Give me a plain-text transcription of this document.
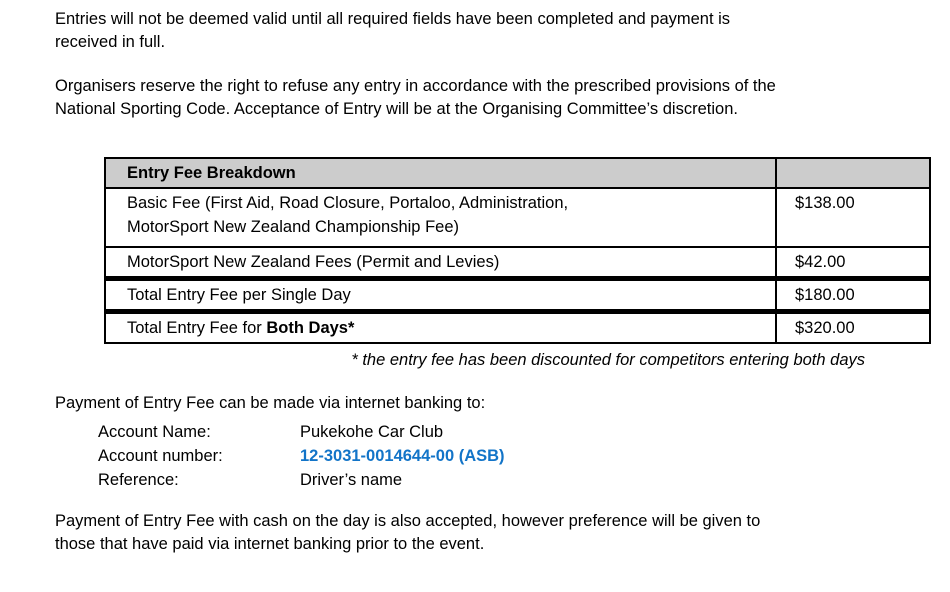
Entries will not be deemed valid until all required fields have been completed and payment is
received in full.
Organisers reserve the right to refuse any entry in accordance with the prescribed provisions of the
National Sporting Code. Acceptance of Entry will be at the Organising Committee’s discretion.
Entry Fee Breakdown	

Basic Fee (First Aid, Road Closure, Portaloo, Administration,
MotorSport New Zealand Championship Fee)	$138.00
MotorSport New Zealand Fees (Permit and Levies)	$42.00
Total Entry Fee per Single Day	$180.00
Total Entry Fee for Both Days*	$320.00
* the entry fee has been discounted for competitors entering both days
Payment of Entry Fee can be made via internet banking to:
Account Name:	Pukekohe Car Club
Account number:	12-3031-0014644-00 (ASB)
Reference:	Driver’s name
Payment of Entry Fee with cash on the day is also accepted, however preference will be given to
those that have paid via internet banking prior to the event.
